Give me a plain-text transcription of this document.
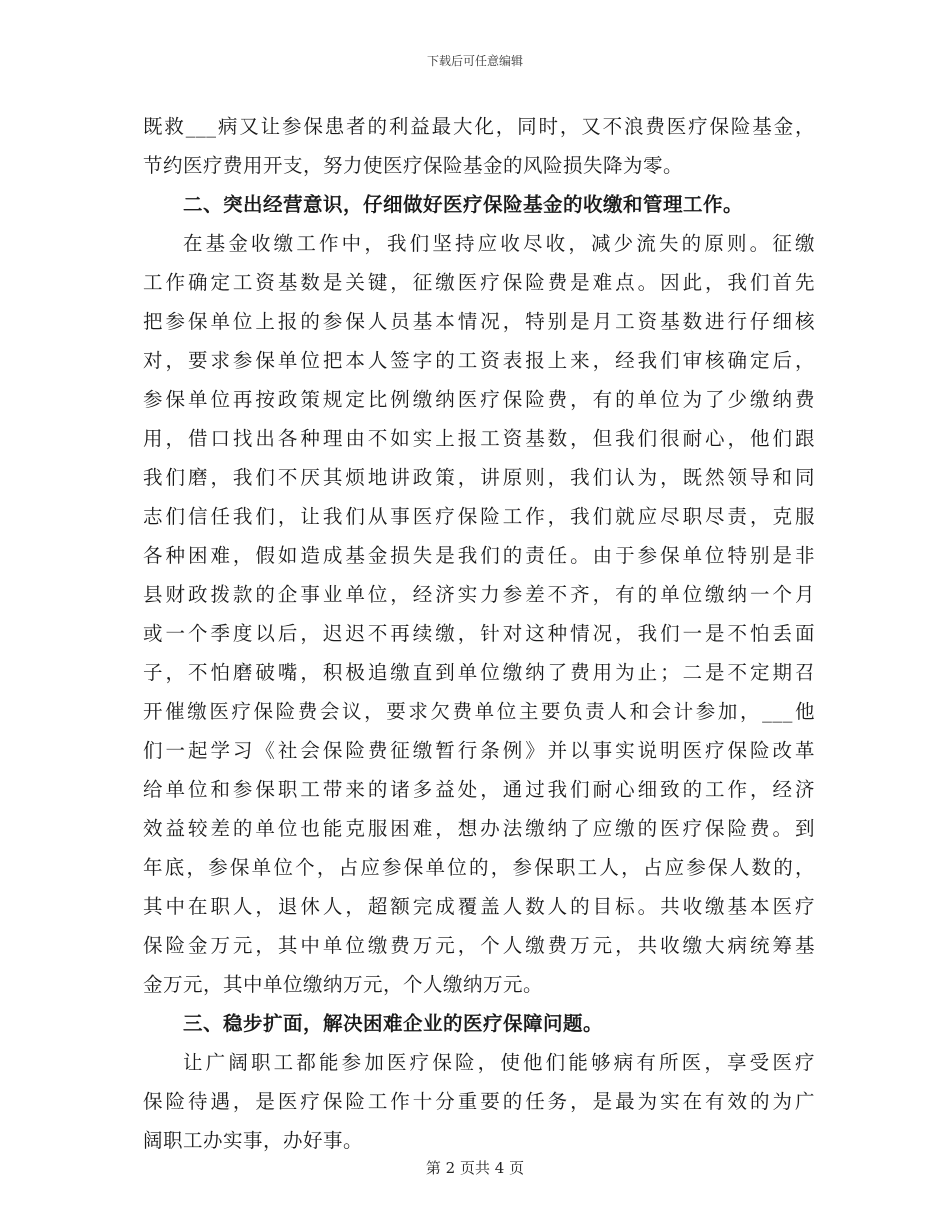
下载后可任意编辑
既救___病又让参保患者的利益最大化，同时，又不浪费医疗保险基金，
节约医疗费用开支，努力使医疗保险基金的风险损失降为零。
二、突出经营意识，仔细做好医疗保险基金的收缴和管理工作。
在基金收缴工作中，我们坚持应收尽收，减少流失的原则。征缴
工作确定工资基数是关键，征缴医疗保险费是难点。因此，我们首先
把参保单位上报的参保人员基本情况，特别是月工资基数进行仔细核
对，要求参保单位把本人签字的工资表报上来，经我们审核确定后，
参保单位再按政策规定比例缴纳医疗保险费，有的单位为了少缴纳费
用，借口找出各种理由不如实上报工资基数，但我们很耐心，他们跟
我们磨，我们不厌其烦地讲政策，讲原则，我们认为，既然领导和同
志们信任我们，让我们从事医疗保险工作，我们就应尽职尽责，克服
各种困难，假如造成基金损失是我们的责任。由于参保单位特别是非
县财政拨款的企事业单位，经济实力参差不齐，有的单位缴纳一个月
或一个季度以后，迟迟不再续缴，针对这种情况，我们一是不怕丢面
子，不怕磨破嘴，积极追缴直到单位缴纳了费用为止；二是不定期召
开催缴医疗保险费会议，要求欠费单位主要负责人和会计参加，___他
们一起学习《社会保险费征缴暂行条例》并以事实说明医疗保险改革
给单位和参保职工带来的诸多益处，通过我们耐心细致的工作，经济
效益较差的单位也能克服困难，想办法缴纳了应缴的医疗保险费。到
年底，参保单位个，占应参保单位的，参保职工人，占应参保人数的，
其中在职人，退休人，超额完成覆盖人数人的目标。共收缴基本医疗
保险金万元，其中单位缴费万元，个人缴费万元，共收缴大病统筹基
金万元，其中单位缴纳万元，个人缴纳万元。
三、稳步扩面，解决困难企业的医疗保障问题。
让广阔职工都能参加医疗保险，使他们能够病有所医，享受医疗
保险待遇，是医疗保险工作十分重要的任务，是最为实在有效的为广
阔职工办实事，办好事。
第 2 页共 4 页
